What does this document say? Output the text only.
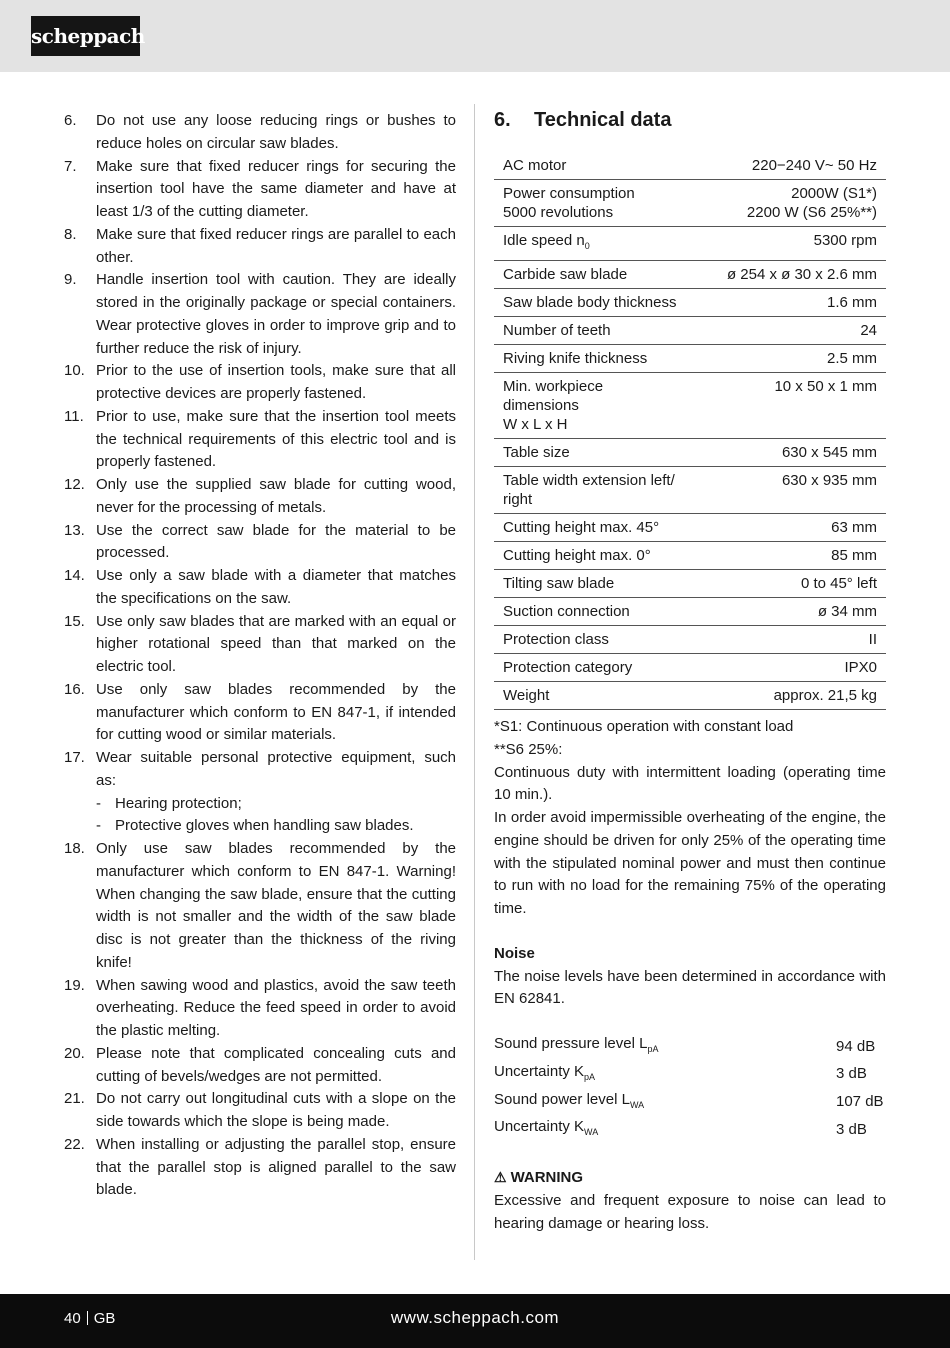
scheppach
6.	Do not use any loose reducing rings or bushes to reduce holes on circular saw blades.
7.	Make sure that fixed reducer rings for securing the insertion tool have the same diameter and have at least 1/3 of the cutting diameter.
8.	Make sure that fixed reducer rings are parallel to each other.
9.	Handle insertion tool with caution. They are ideally stored in the originally package or special containers. Wear protective gloves in order to improve grip and to further reduce the risk of injury.
10. Prior to the use of insertion tools, make sure that all protective devices are properly fastened.
11. Prior to use, make sure that the insertion tool meets the technical requirements of this electric tool and is properly fastened.
12. Only use the supplied saw blade for cutting wood, never for the processing of metals.
13. Use the correct saw blade for the material to be processed.
14. Use only a saw blade with a diameter that matches the specifications on the saw.
15. Use only saw blades that are marked with an equal or higher rotational speed than that marked on the electric tool.
16. Use only saw blades recommended by the manufacturer which conform to EN 847-1, if intended for cutting wood or similar materials.
17. Wear suitable personal protective equipment, such as:
- Hearing protection;
- Protective gloves when handling saw blades.
18. Only use saw blades recommended by the manufacturer which conform to EN 847-1. Warning! When changing the saw blade, ensure that the cutting width is not smaller and the width of the saw blade disc is not greater than the thickness of the riving knife!
19. When sawing wood and plastics, avoid the saw teeth overheating. Reduce the feed speed in order to avoid the plastic melting.
20. Please note that complicated concealing cuts and cutting of bevels/wedges are not permitted.
21. Do not carry out longitudinal cuts with a slope on the side towards which the slope is being made.
22. When installing or adjusting the parallel stop, ensure that the parallel stop is aligned parallel to the saw blade.
6.	Technical data
AC motor	220−240 V~ 50 Hz
Power consumption
5000 revolutions	2000W (S1*)
2200 W (S6 25%**)
Idle speed $n_0$	5300 rpm
Carbide saw blade	ø 254 x ø 30 x 2.6 mm
Saw blade body thickness	1.6 mm
Number of teeth	24
Riving knife thickness	2.5 mm
Min. workpiece
dimensions
W x L x H	10 x 50 x 1 mm
Table size	630 x 545 mm
Table width extension left/
right	630 x 935 mm
Cutting height max. 45°	63 mm
Cutting height max. 0°	85 mm
Tilting saw blade	0 to 45° left
Suction connection	ø 34 mm
Protection class	II
Protection category	IPX0
Weight	approx. 21,5 kg
*S1: Continuous operation with constant load
**S6 25%:
Continuous duty with intermittent loading (operating time 10 min.).
In order avoid impermissible overheating of the engine, the engine should be driven for only 25% of the operating time with the stipulated nominal power and must then continue to run with no load for the remaining 75% of the operating time.
Noise
The noise levels have been determined in accordance with EN 62841.
Sound pressure level $L_{pA}$	94 dB
Uncertainty $K_{pA}$	3 dB
Sound power level $L_{WA}$	107 dB
Uncertainty $K_{WA}$	3 dB
⚠ WARNING
Excessive and frequent exposure to noise can lead to hearing damage or hearing loss.
40 GB	www.scheppach.com
